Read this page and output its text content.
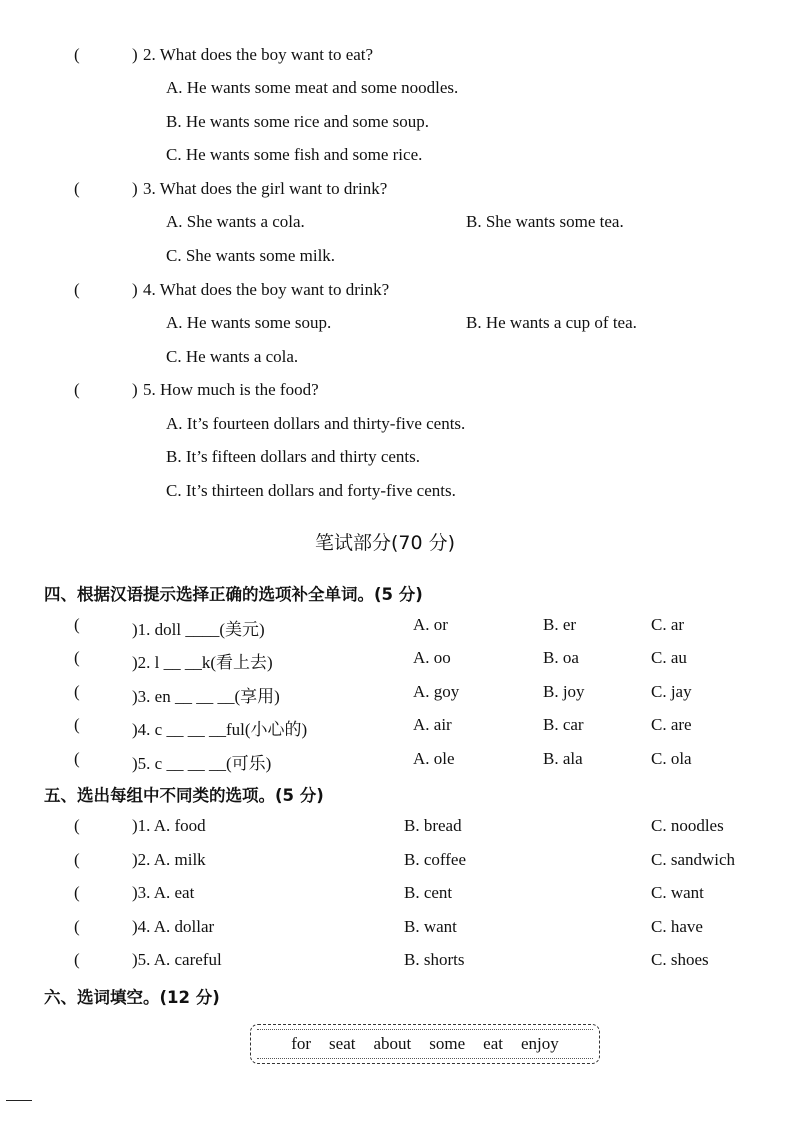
(	) 2. What does the boy want to eat?
A. He wants some meat and some noodles.
B. He wants some rice and some soup.
C. He wants some fish and some rice.
(	) 3. What does the girl want to drink?
A. She wants a cola.	B. She wants some tea.
C. She wants some milk.
(	) 4. What does the boy want to drink?
A. He wants some soup.	B. He wants a cup of tea.
C. He wants a cola.
(	) 5. How much is the food?
A. It’s fourteen dollars and thirty-five cents.
B. It’s fifteen dollars and thirty cents.
C. It’s thirteen dollars and forty-five cents.
笔试部分(70 分)
四、根据汉语提示选择正确的选项补全单词。(5 分)
(	)1. doll ____(美元)	A. or	B. er	C. ar
(	)2. l __ __k(看上去)	A. oo	B. oa	C. au
(	)3. en __ __ __(享用)	A. goy	B. joy	C. jay
(	)4. c __ __ __ful(小心的)	A. air	B. car	C. are
(	)5. c __ __ __(可乐)	A. ole	B. ala	C. ola
五、选出每组中不同类的选项。(5 分)
(	)1. A. food	B. bread	C. noodles
(	)2. A. milk	B. coffee	C. sandwich
(	)3. A. eat	B. cent	C. want
(	)4. A. dollar	B. want	C. have
(	)5. A. careful	B. shorts	C. shoes
六、选词填空。(12 分)
for seat about some eat enjoy
